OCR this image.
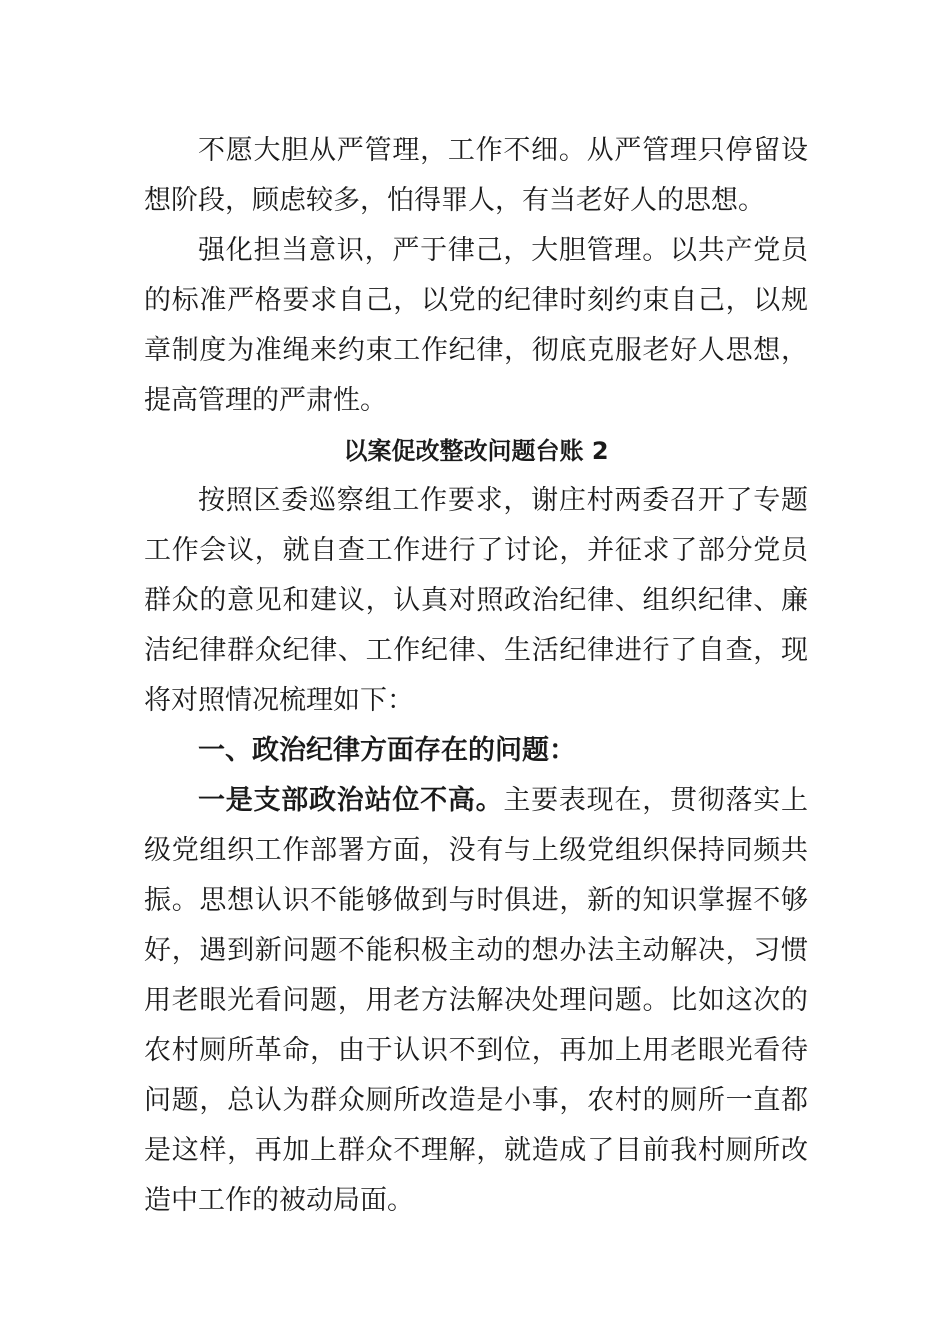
不愿大胆从严管理，工作不细。从严管理只停留设想阶段，顾虑较多，怕得罪人，有当老好人的思想。

强化担当意识，严于律己，大胆管理。以共产党员的标准严格要求自己，以党的纪律时刻约束自己，以规章制度为准绳来约束工作纪律，彻底克服老好人思想，提高管理的严肃性。

以案促改整改问题台账 2

按照区委巡察组工作要求，谢庄村两委召开了专题工作会议，就自查工作进行了讨论，并征求了部分党员群众的意见和建议，认真对照政治纪律、组织纪律、廉洁纪律群众纪律、工作纪律、生活纪律进行了自查，现将对照情况梳理如下：

一、政治纪律方面存在的问题：

一是支部政治站位不高。主要表现在，贯彻落实上级党组织工作部署方面，没有与上级党组织保持同频共振。思想认识不能够做到与时俱进，新的知识掌握不够好，遇到新问题不能积极主动的想办法主动解决，习惯用老眼光看问题，用老方法解决处理问题。比如这次的农村厕所革命，由于认识不到位，再加上用老眼光看待问题，总认为群众厕所改造是小事，农村的厕所一直都是这样，再加上群众不理解，就造成了目前我村厕所改造中工作的被动局面。
